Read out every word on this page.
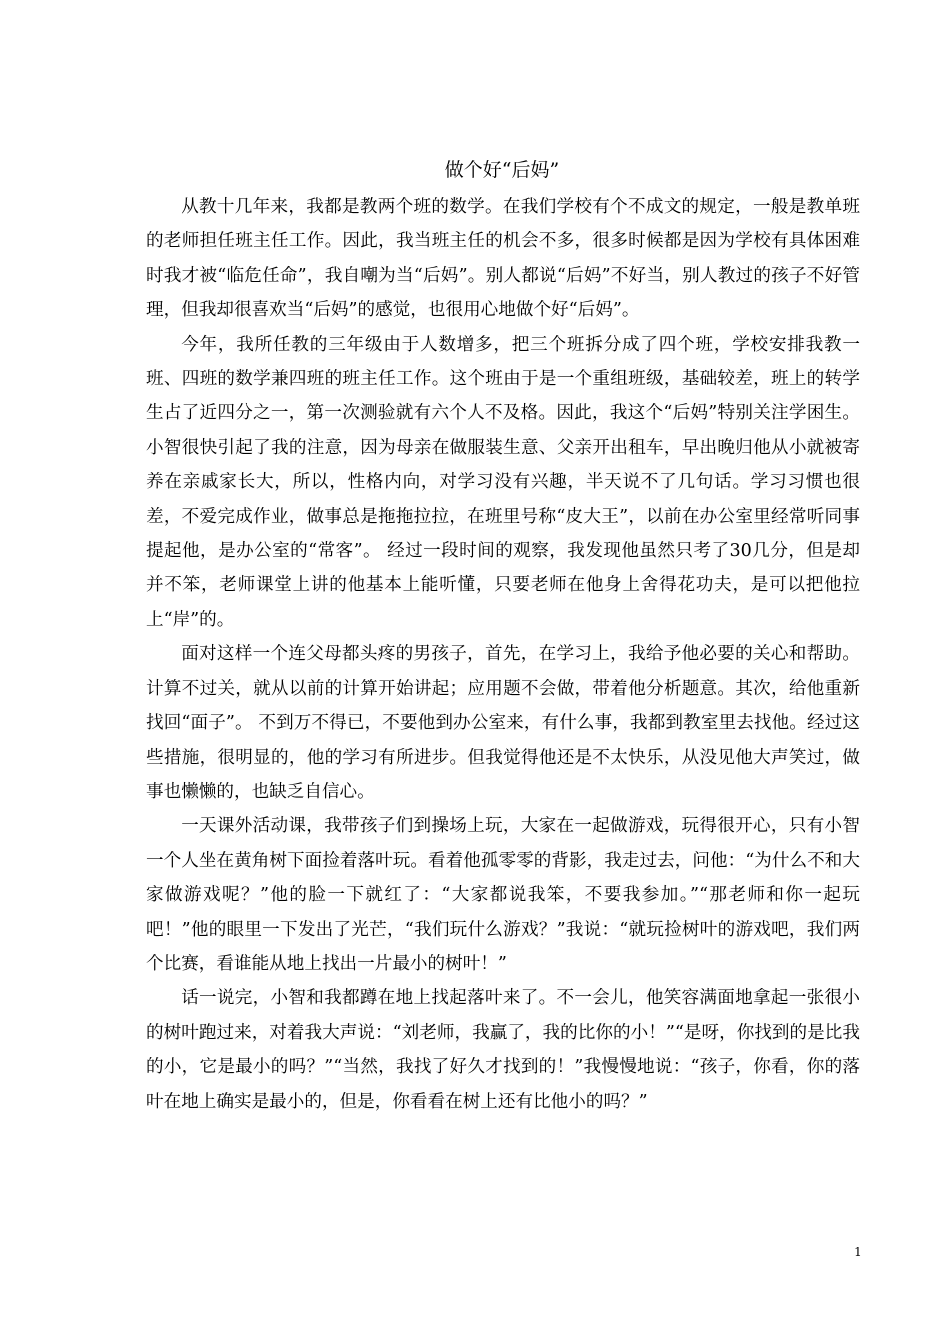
做个好“后妈”

从教十几年来，我都是教两个班的数学。在我们学校有个不成文的规定，一般是教单班的老师担任班主任工作。因此，我当班主任的机会不多，很多时候都是因为学校有具体困难时我才被“临危任命”，我自嘲为当“后妈”。别人都说“后妈”不好当，别人教过的孩子不好管理，但我却很喜欢当“后妈”的感觉，也很用心地做个好“后妈”。

今年，我所任教的三年级由于人数增多，把三个班拆分成了四个班，学校安排我教一班、四班的数学兼四班的班主任工作。这个班由于是一个重组班级，基础较差，班上的转学生占了近四分之一，第一次测验就有六个人不及格。因此，我这个“后妈”特别关注学困生。小智很快引起了我的注意，因为母亲在做服装生意、父亲开出租车，早出晚归他从小就被寄养在亲戚家长大，所以，性格内向，对学习没有兴趣，半天说不了几句话。学习习惯也很差，不爱完成作业，做事总是拖拖拉拉，在班里号称“皮大王”，以前在办公室里经常听同事提起他，是办公室的“常客”。 经过一段时间的观察，我发现他虽然只考了30几分，但是却并不笨，老师课堂上讲的他基本上能听懂，只要老师在他身上舍得花功夫，是可以把他拉上“岸”的。

面对这样一个连父母都头疼的男孩子，首先，在学习上，我给予他必要的关心和帮助。计算不过关，就从以前的计算开始讲起；应用题不会做，带着他分析题意。其次，给他重新找回“面子”。 不到万不得已，不要他到办公室来，有什么事，我都到教室里去找他。经过这些措施，很明显的，他的学习有所进步。但我觉得他还是不太快乐，从没见他大声笑过，做事也懒懒的，也缺乏自信心。

一天课外活动课，我带孩子们到操场上玩，大家在一起做游戏，玩得很开心，只有小智一个人坐在黄角树下面捡着落叶玩。看着他孤零零的背影，我走过去，问他：“为什么不和大家做游戏呢？”他的脸一下就红了：“大家都说我笨，不要我参加。”“那老师和你一起玩吧！”他的眼里一下发出了光芒，“我们玩什么游戏？”我说：“就玩捡树叶的游戏吧，我们两个比赛，看谁能从地上找出一片最小的树叶！”

话一说完，小智和我都蹲在地上找起落叶来了。不一会儿，他笑容满面地拿起一张很小的树叶跑过来，对着我大声说：“刘老师，我赢了，我的比你的小！”“是呀，你找到的是比我的小，它是最小的吗？”“当然，我找了好久才找到的！”我慢慢地说：“孩子，你看，你的落叶在地上确实是最小的，但是，你看看在树上还有比他小的吗？”

1
